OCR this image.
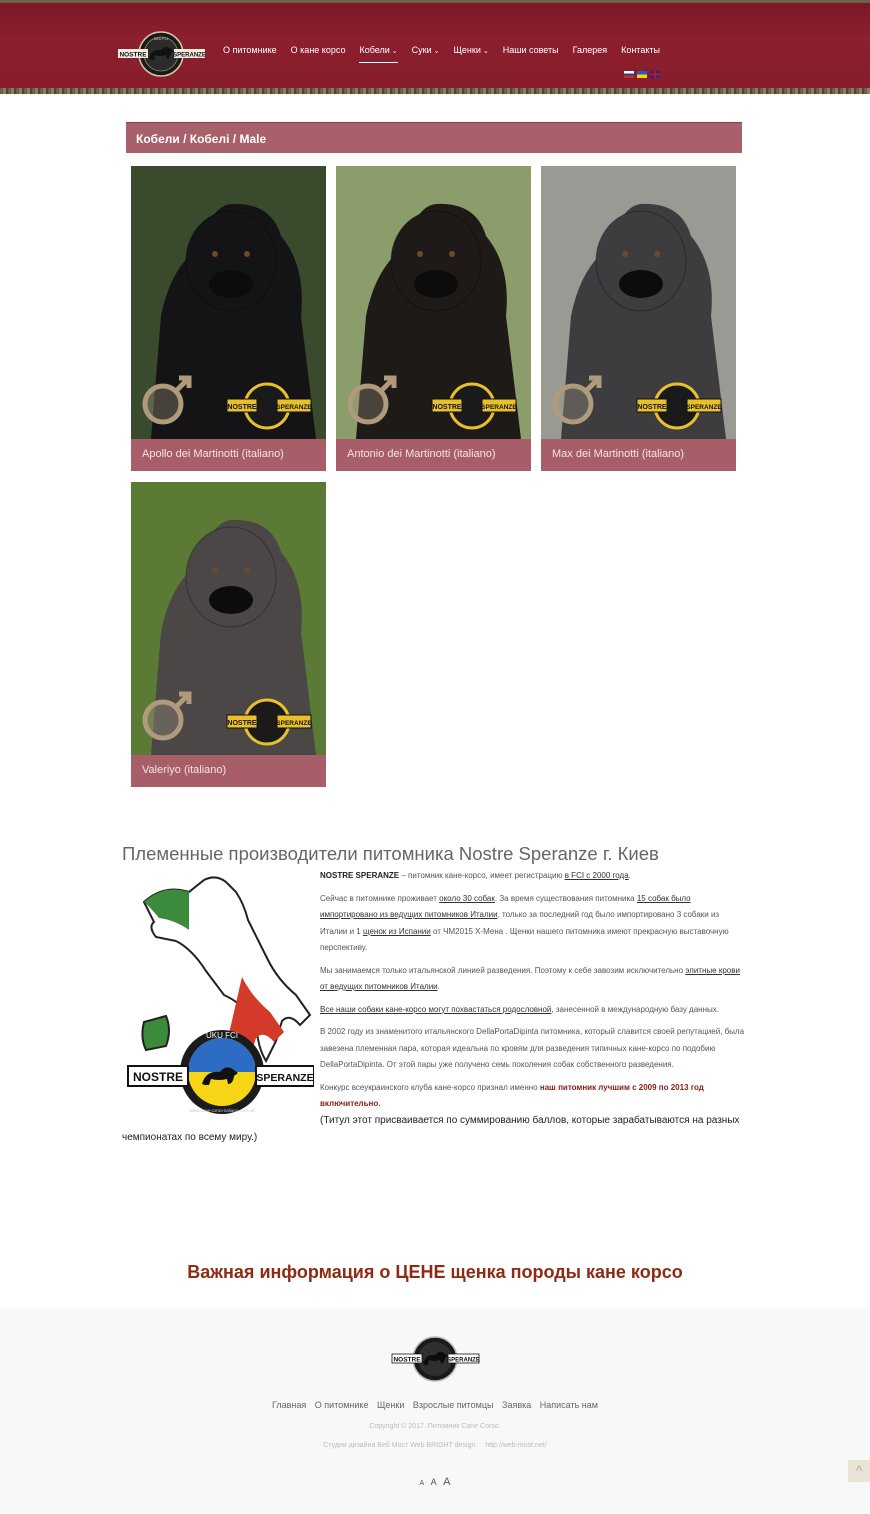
NOSTRE	SPERANZE
UKU FCI
О питомнике О кане корсо Кобели ⌄ Суки ⌄ Щенки ⌄ Наши советы Галерея Контакты
Кобели / Кобелі / Male
NOSTRE	SPERANZE
Apollo dei Martinotti (italiano)
NOSTRE	SPERANZE
Antonio dei Martinotti (italiano)
NOSTRE	SPERANZE
Max dei Martinotti (italiano)
NOSTRE	SPERANZE
Valeriyo (italiano)
Племенные производители питомника Nostre Speranze г. Киев
NOSTRE	SPERANZE
UKU FCI
www.cane-corso-italiano.com.ua

NOSTRE SPERANZE – питомник кане-корсо, имеет регистрацию в FCI с 2000 года.

Сейчас в питомнике проживает около 30 собак. За время существования питомника 15 собак было импортировано из ведущих питомников Италии, только за последний год было импортировано 3 собаки из Италии и 1 щенок из Испании от ЧМ2015 Х-Мена . Щенки нашего питомника имеют прекрасную выставочную перспективу.

Мы занимаемся только итальянской линией разведения. Поэтому к себе завозим исключительно элитные крови от ведущих питомников Италии.

Все наши собаки кане-корсо могут похвастаться родословной, занесенной в международную базу данных.

В 2002 году из знаменитого итальянского DellaPortaDipinta питомника, который славится своей репутацией, была завезена племенная пара, которая идеальна по кровям для разведения типичных кане-корсо по подобию DellaPortaDipinta. От этой пары уже получено семь поколения собак собственного разведения.

Конкурс всеукраинского клуба кане-корсо признал именно наш питомник лучшим с 2009 по 2013 год включительно.

(Титул этот присваивается по суммированию баллов, которые зарабатываются на разных
чемпионатах по всему миру.)
Важная информация о ЦЕНЕ щенка породы кане корсо
NOSTRE	SPERANZE
Главная О питомнике Щенки Взрослые питомцы Заявка Написать нам
Copyright © 2017. Питомник Cane Corso.
Студия дизайна Веб Мост Web BRIGHT design http://web-most.net/
A A A
^
